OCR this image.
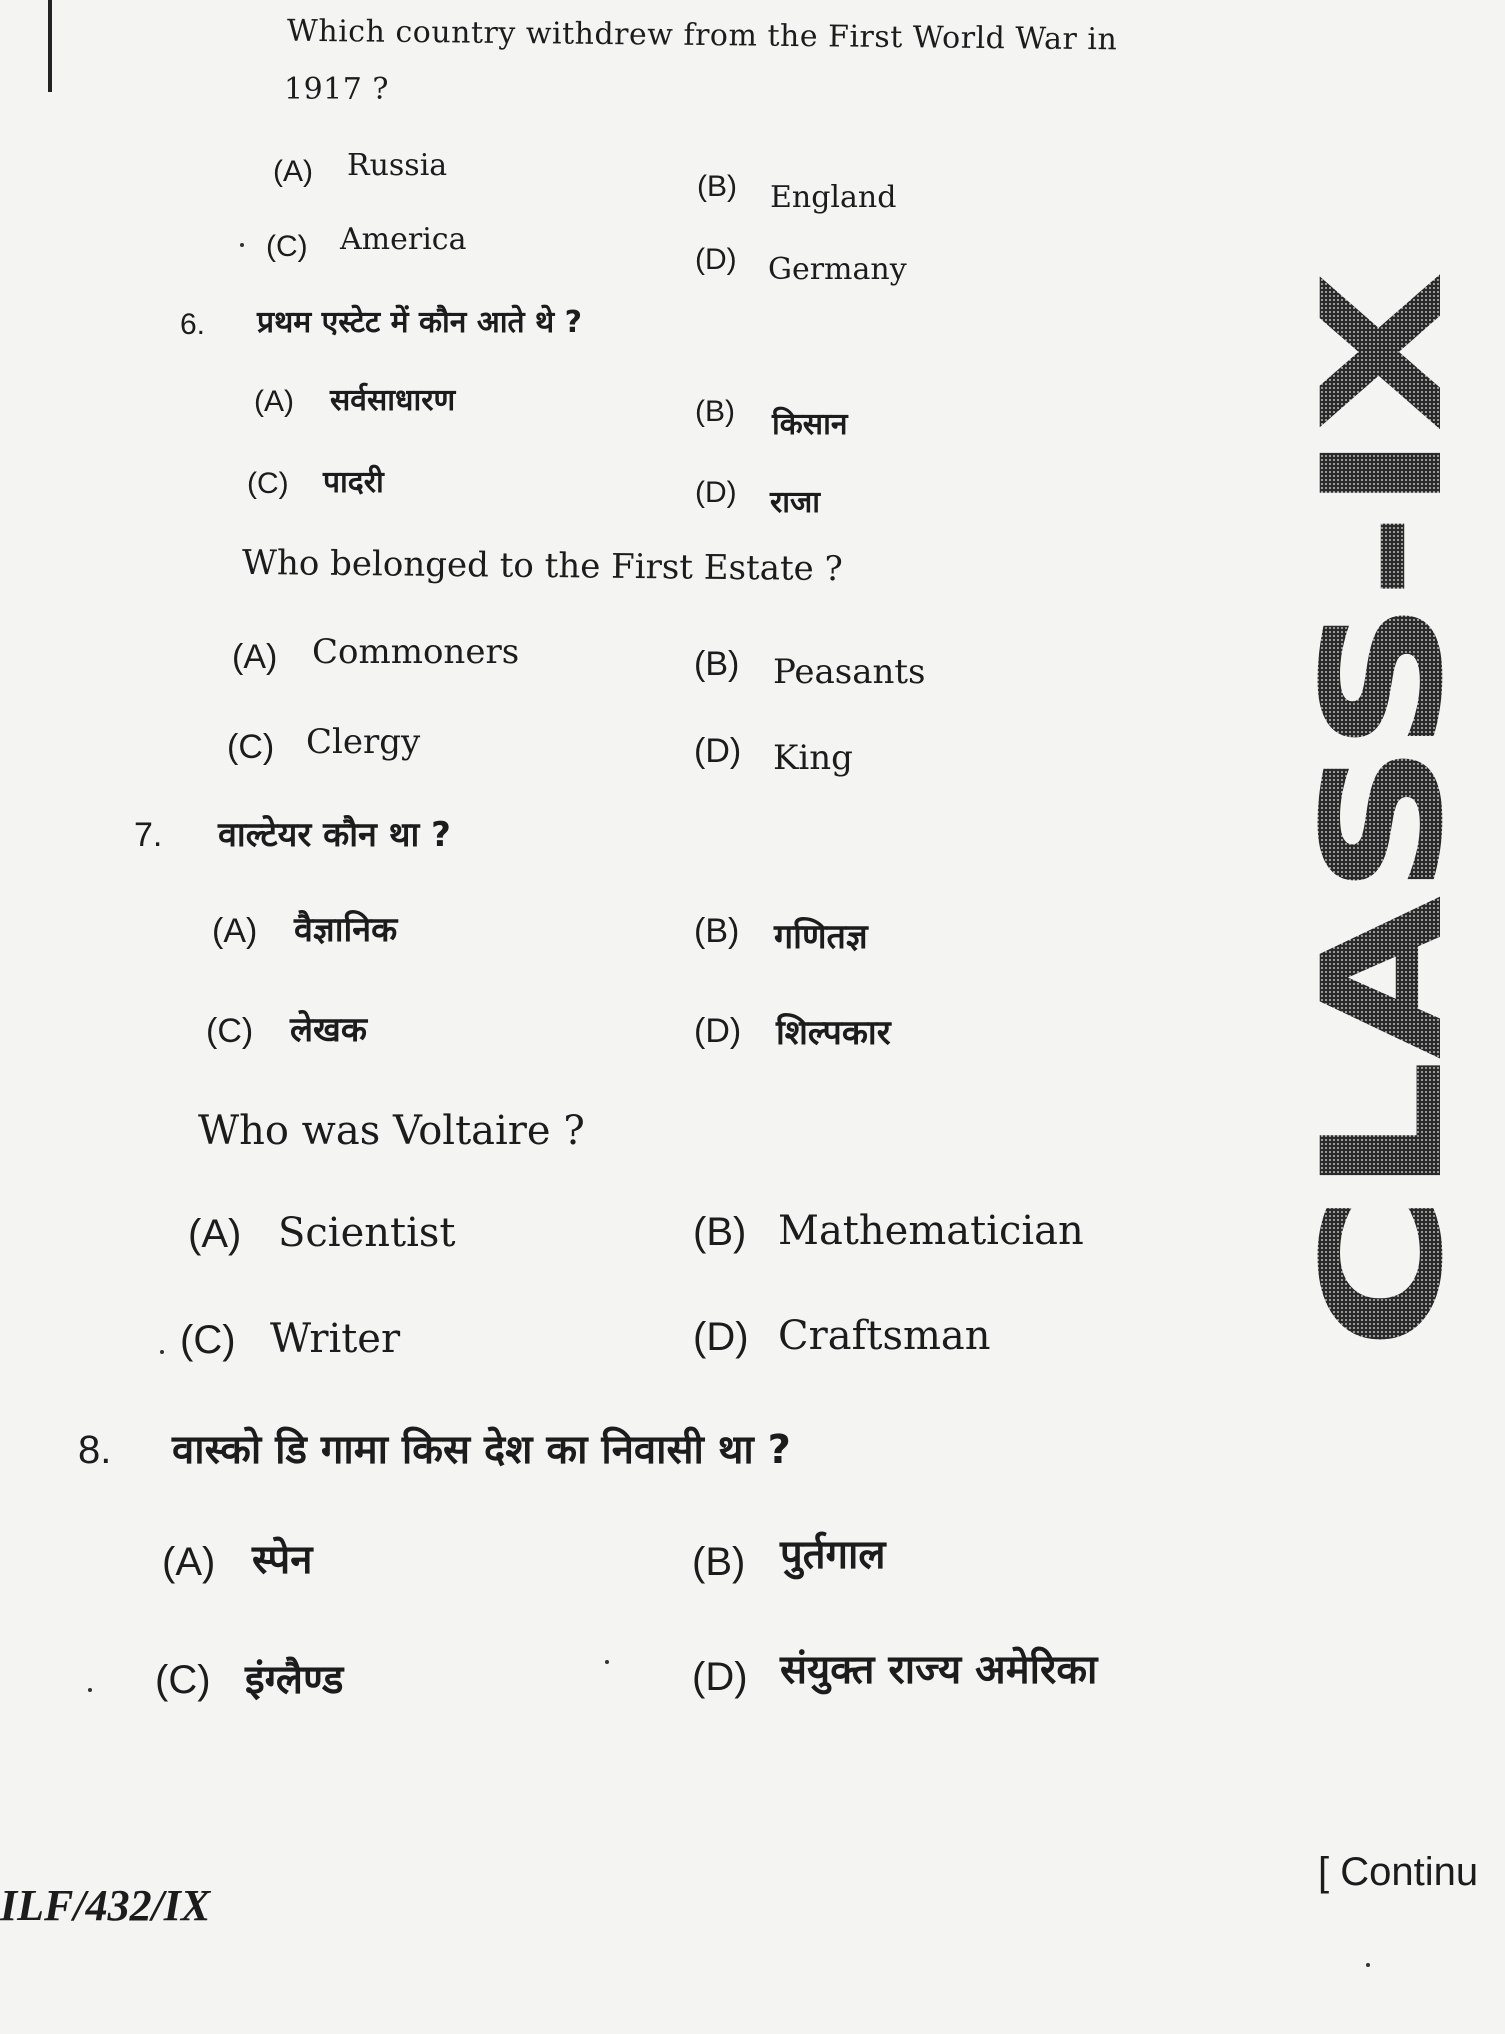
Which country withdrew from the First World War in
1917 ?
(A) Russia
(B) England
(C) America
(D) Germany
6. प्रथम एस्टेट में कौन आते थे ?
(A) सर्वसाधारण	(B) किसान
(C) पादरी	(D) राजा
Who belonged to the First Estate ?
(A) Commoners	(B) Peasants
(C) Clergy	(D) King
7. वाल्टेयर कौन था ?
(A) वैज्ञानिक	(B) गणितज्ञ
(C) लेखक	(D) शिल्पकार
Who was Voltaire ?
(A) Scientist	(B) Mathematician
(C) Writer	(D) Craftsman
8. वास्को डि गामा किस देश का निवासी था ?
(A) स्पेन	(B) पुर्तगाल
(C) इंग्लैण्ड	(D) संयुक्त राज्य अमेरिका
CLASS-IX
ILF/432/IX
[ Continu
